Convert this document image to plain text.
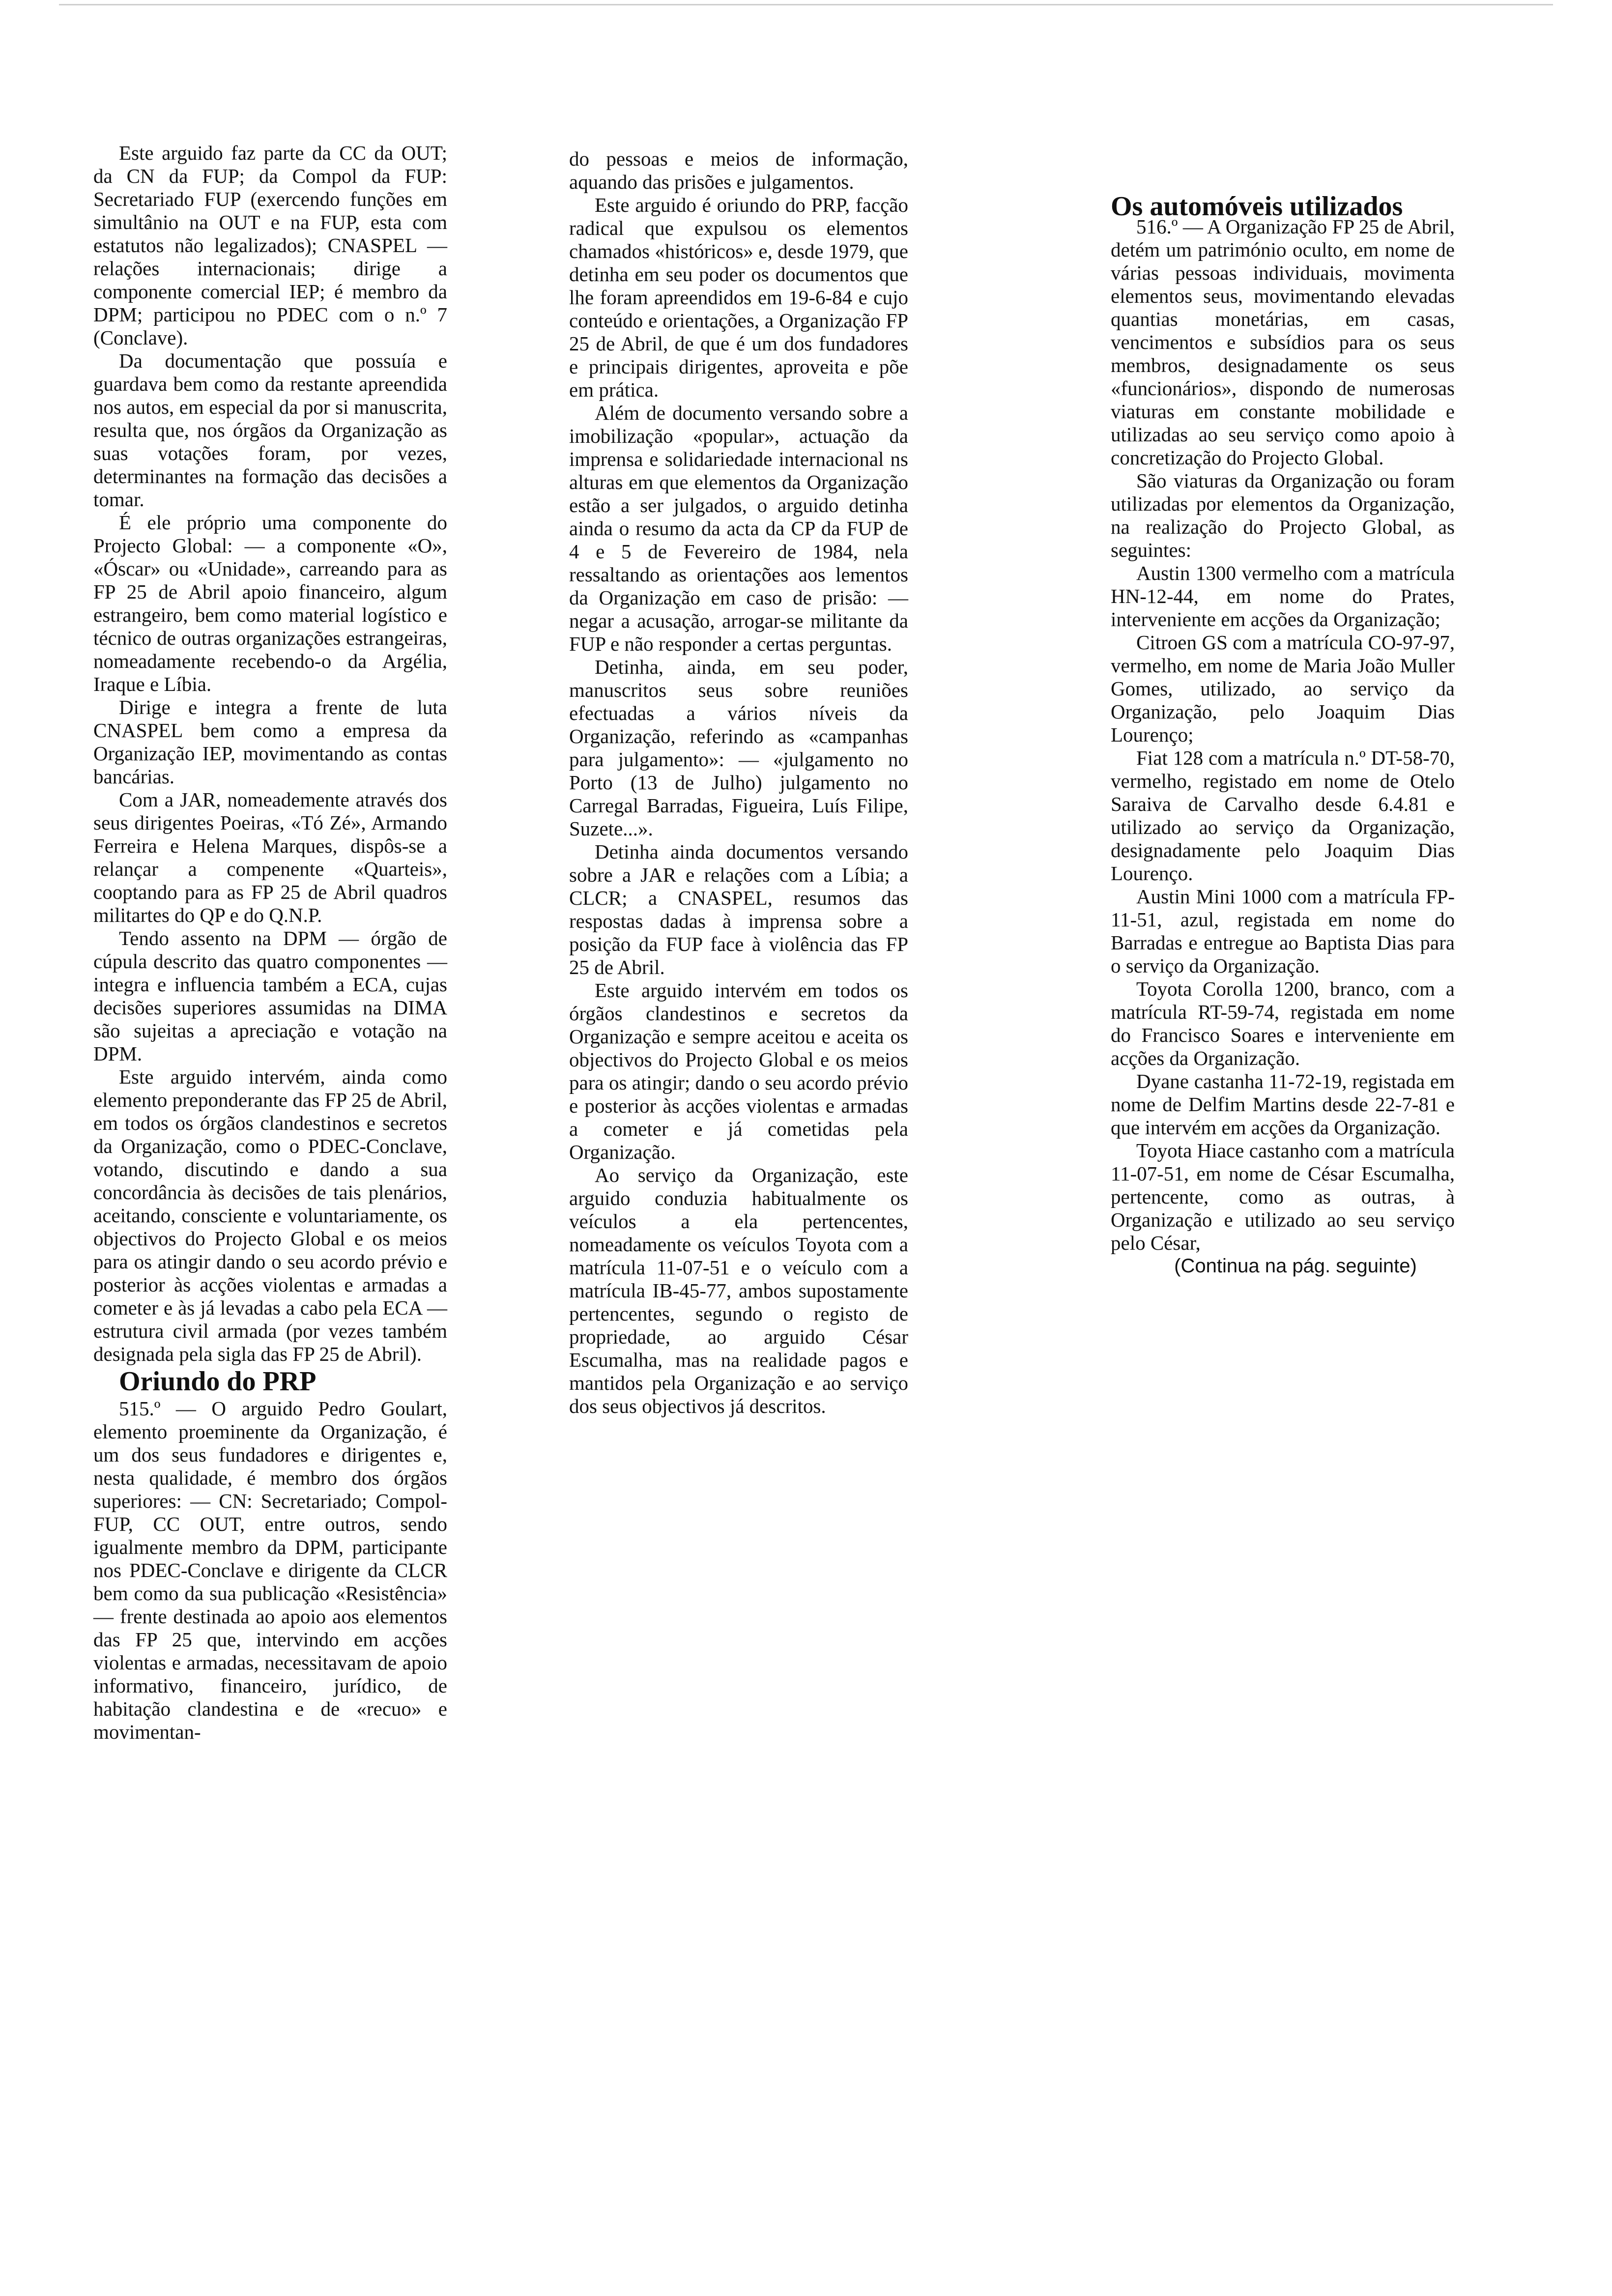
Este arguido faz parte da CC da OUT; da CN da FUP; da Compol da FUP: Secretariado FUP (exercendo funções em simultânio na OUT e na FUP, esta com estatutos não legalizados); CNASPEL — relações internacionais; dirige a componente comercial IEP; é membro da DPM; participou no PDEC com o n.º 7 (Conclave).

Da documentação que possuía e guardava bem como da restante apreendida nos autos, em especial da por si manuscrita, resulta que, nos órgãos da Organização as suas votações foram, por vezes, determinantes na formação das decisões a tomar.

É ele próprio uma componente do Projecto Global: — a componente «O», «Óscar» ou «Unidade», carreando para as FP 25 de Abril apoio financeiro, algum estrangeiro, bem como material logístico e técnico de outras organizações estrangeiras, nomeadamente recebendo-o da Argélia, Iraque e Líbia.

Dirige e integra a frente de luta CNASPEL bem como a empresa da Organização IEP, movimentando as contas bancárias.

Com a JAR, nomeademente através dos seus dirigentes Poeiras, «Tó Zé», Armando Ferreira e Helena Marques, dispôs-se a relançar a compenente «Quarteis», cooptando para as FP 25 de Abril quadros militartes do QP e do Q.N.P.

Tendo assento na DPM — órgão de cúpula descrito das quatro componentes — integra e influencia também a ECA, cujas decisões superiores assumidas na DIMA são sujeitas a apreciação e votação na DPM.

Este arguido intervém, ainda como elemento preponderante das FP 25 de Abril, em todos os órgãos clandestinos e secretos da Organização, como o PDEC-Conclave, votando, discutindo e dando a sua concordância às decisões de tais plenários, aceitando, consciente e voluntariamente, os objectivos do Projecto Global e os meios para os atingir dando o seu acordo prévio e posterior às acções violentas e armadas a cometer e às já levadas a cabo pela ECA — estrutura civil armada (por vezes também designada pela sigla das FP 25 de Abril).

Oriundo do PRP

515.º — O arguido Pedro Goulart, elemento proeminente da Organização, é um dos seus fundadores e dirigentes e, nesta qualidade, é membro dos órgãos superiores: — CN: Secretariado; Compol-FUP, CC OUT, entre outros, sendo igualmente membro da DPM, participante nos PDEC-Conclave e dirigente da CLCR bem como da sua publicação «Resistência» — frente destinada ao apoio aos elementos das FP 25 que, intervindo em acções violentas e armadas, necessitavam de apoio informativo, financeiro, jurídico, de habitação clandestina e de «recuo» e movimentan-

do pessoas e meios de informação, aquando das prisões e julgamentos.

Este arguido é oriundo do PRP, facção radical que expulsou os elementos chamados «históricos» e, desde 1979, que detinha em seu poder os documentos que lhe foram apreendidos em 19-6-84 e cujo conteúdo e orientações, a Organização FP 25 de Abril, de que é um dos fundadores e principais dirigentes, aproveita e põe em prática.

Além de documento versando sobre a imobilização «popular», actuação da imprensa e solidariedade internacional ns alturas em que elementos da Organização estão a ser julgados, o arguido detinha ainda o resumo da acta da CP da FUP de 4 e 5 de Fevereiro de 1984, nela ressaltando as orientações aos lementos da Organização em caso de prisão: — negar a acusação, arrogar-se militante da FUP e não responder a certas perguntas.

Detinha, ainda, em seu poder, manuscritos seus sobre reuniões efectuadas a vários níveis da Organização, referindo as «campanhas para julgamento»: — «julgamento no Porto (13 de Julho) julgamento no Carregal Barradas, Figueira, Luís Filipe, Suzete...».

Detinha ainda documentos versando sobre a JAR e relações com a Líbia; a CLCR; a CNASPEL, resumos das respostas dadas à imprensa sobre a posição da FUP face à violência das FP 25 de Abril.

Este arguido intervém em todos os órgãos clandestinos e secretos da Organização e sempre aceitou e aceita os objectivos do Projecto Global e os meios para os atingir; dando o seu acordo prévio e posterior às acções violentas e armadas a cometer e já cometidas pela Organização.

Ao serviço da Organização, este arguido conduzia habitualmente os veículos a ela pertencentes, nomeadamente os veículos Toyota com a matrícula 11-07-51 e o veículo com a matrícula IB-45-77, ambos supostamente pertencentes, segundo o registo de propriedade, ao arguido César Escumalha, mas na realidade pagos e mantidos pela Organização e ao serviço dos seus objectivos já descritos.

Os automóveis utilizados

516.º — A Organização FP 25 de Abril, detém um património oculto, em nome de várias pessoas individuais, movimenta elementos seus, movimentando elevadas quantias monetárias, em casas, vencimentos e subsídios para os seus membros, designadamente os seus «funcionários», dispondo de numerosas viaturas em constante mobilidade e utilizadas ao seu serviço como apoio à concretização do Projecto Global.

São viaturas da Organização ou foram utilizadas por elementos da Organização, na realização do Projecto Global, as seguintes:

Austin 1300 vermelho com a matrícula HN-12-44, em nome do Prates, interveniente em acções da Organização;

Citroen GS com a matrícula CO-97-97, vermelho, em nome de Maria João Muller Gomes, utilizado, ao serviço da Organização, pelo Joaquim Dias Lourenço;

Fiat 128 com a matrícula n.º DT-58-70, vermelho, registado em nome de Otelo Saraiva de Carvalho desde 6.4.81 e utilizado ao serviço da Organização, designadamente pelo Joaquim Dias Lourenço.

Austin Mini 1000 com a matrícula FP-11-51, azul, registada em nome do Barradas e entregue ao Baptista Dias para o serviço da Organização.

Toyota Corolla 1200, branco, com a matrícula RT-59-74, registada em nome do Francisco Soares e interveniente em acções da Organização.

Dyane castanha 11-72-19, registada em nome de Delfim Martins desde 22-7-81 e que intervém em acções da Organização.

Toyota Hiace castanho com a matrícula 11-07-51, em nome de César Escumalha, pertencente, como as outras, à Organização e utilizado ao seu serviço pelo César,

(Continua na pág. seguinte)
